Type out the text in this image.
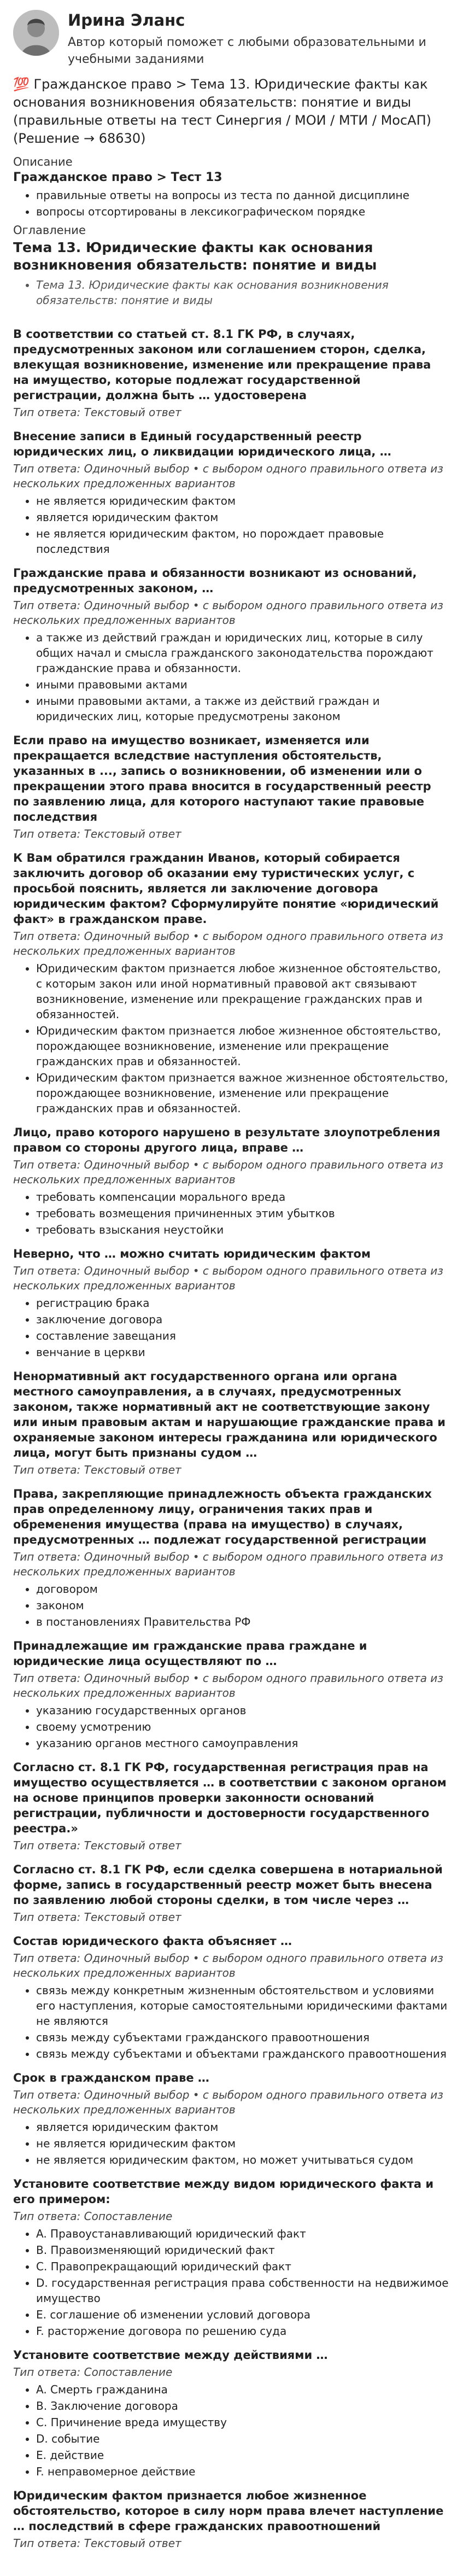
Ирина Эланс
Автор который поможет с любыми образовательными и учебными заданиями
💯 Гражданское право > Тема 13. Юридические факты как основания возникновения обязательств: понятие и виды (правильные ответы на тест Синергия / МОИ / МТИ / МосАП) (Решение → 68630)
Описание
Гражданское право > Тест 13
• правильные ответы на вопросы из теста по данной дисциплине
• вопросы отсортированы в лексикографическом порядке
Оглавление
Тема 13. Юридические факты как основания возникновения обязательств: понятие и виды
• Тема 13. Юридические факты как основания возникновения обязательств: понятие и виды
В соответствии со статьей ст. 8.1 ГК РФ, в случаях, предусмотренных законом или соглашением сторон, сделка, влекущая возникновение, изменение или прекращение права на имущество, которые подлежат государственной регистрации, должна быть … удостоверена
Тип ответа: Текстовый ответ
Внесение записи в Единый государственный реестр юридических лиц, о ликвидации юридического лица, …
Тип ответа: Одиночный выбор • с выбором одного правильного ответа из нескольких предложенных вариантов
• не является юридическим фактом
• является юридическим фактом
• не является юридическим фактом, но порождает правовые последствия
Гражданские права и обязанности возникают из оснований, предусмотренных законом, …
Тип ответа: Одиночный выбор • с выбором одного правильного ответа из нескольких предложенных вариантов
• а также из действий граждан и юридических лиц, которые в силу общих начал и смысла гражданского законодательства порождают гражданские права и обязанности.
• иными правовыми актами
• иными правовыми актами, а также из действий граждан и юридических лиц, которые предусмотрены законом
Если право на имущество возникает, изменяется или прекращается вследствие наступления обстоятельств, указанных в ..., запись о возникновении, об изменении или о прекращении этого права вносится в государственный реестр по заявлению лица, для которого наступают такие правовые последствия
Тип ответа: Текстовый ответ
К Вам обратился гражданин Иванов, который собирается заключить договор об оказании ему туристических услуг, с просьбой пояснить, является ли заключение договора юридическим фактом? Сформулируйте понятие «юридический факт» в гражданском праве.
Тип ответа: Одиночный выбор • с выбором одного правильного ответа из нескольких предложенных вариантов
• Юридическим фактом признается любое жизненное обстоятельство, с которым закон или иной нормативный правовой акт связывают возникновение, изменение или прекращение гражданских прав и обязанностей.
• Юридическим фактом признается любое жизненное обстоятельство, порождающее возникновение, изменение или прекращение гражданских прав и обязанностей.
• Юридическим фактом признается важное жизненное обстоятельство, порождающее возникновение, изменение или прекращение гражданских прав и обязанностей.
Лицо, право которого нарушено в результате злоупотребления правом со стороны другого лица, вправе …
Тип ответа: Одиночный выбор • с выбором одного правильного ответа из нескольких предложенных вариантов
• требовать компенсации морального вреда
• требовать возмещения причиненных этим убытков
• требовать взыскания неустойки
Неверно, что … можно считать юридическим фактом
Тип ответа: Одиночный выбор • с выбором одного правильного ответа из нескольких предложенных вариантов
• регистрацию брака
• заключение договора
• составление завещания
• венчание в церкви
Ненормативный акт государственного органа или органа местного самоуправления, а в случаях, предусмотренных законом, также нормативный акт не соответствующие закону или иным правовым актам и нарушающие гражданские права и охраняемые законом интересы гражданина или юридического лица, могут быть признаны судом …
Тип ответа: Текстовый ответ
Права, закрепляющие принадлежность объекта гражданских прав определенному лицу, ограничения таких прав и обременения имущества (права на имущество) в случаях, предусмотренных … подлежат государственной регистрации
Тип ответа: Одиночный выбор • с выбором одного правильного ответа из нескольких предложенных вариантов
• договором
• законом
• в постановлениях Правительства РФ
Принадлежащие им гражданские права граждане и юридические лица осуществляют по …
Тип ответа: Одиночный выбор • с выбором одного правильного ответа из нескольких предложенных вариантов
• указанию государственных органов
• своему усмотрению
• указанию органов местного самоуправления
Согласно ст. 8.1 ГК РФ, государственная регистрация прав на имущество осуществляется … в соответствии с законом органом на основе принципов проверки законности оснований регистрации, публичности и достоверности государственного реестра.»
Тип ответа: Текстовый ответ
Согласно ст. 8.1 ГК РФ, если сделка совершена в нотариальной форме, запись в государственный реестр может быть внесена по заявлению любой стороны сделки, в том числе через …
Тип ответа: Текстовый ответ
Состав юридического факта объясняет …
Тип ответа: Одиночный выбор • с выбором одного правильного ответа из нескольких предложенных вариантов
• связь между конкретным жизненным обстоятельством и условиями его наступления, которые самостоятельными юридическими фактами не являются
• связь между субъектами гражданского правоотношения
• связь между субъектами и объектами гражданского правоотношения
Срок в гражданском праве …
Тип ответа: Одиночный выбор • с выбором одного правильного ответа из нескольких предложенных вариантов
• является юридическим фактом
• не является юридическим фактом
• не является юридическим фактом, но может учитываться судом
Установите соответствие между видом юридического факта и его примером:
Тип ответа: Сопоставление
• A. Правоустанавливающий юридический факт
• B. Правоизменяющий юридический факт
• C. Правопрекращающий юридический факт
• D. государственная регистрация права собственности на недвижимое имущество
• E. соглашение об изменении условий договора
• F. расторжение договора по решению суда
Установите соответствие между действиями …
Тип ответа: Сопоставление
• A. Смерть гражданина
• B. Заключение договора
• C. Причинение вреда имуществу
• D. событие
• E. действие
• F. неправомерное действие
Юридическим фактом признается любое жизненное обстоятельство, которое в силу норм права влечет наступление … последствий в сфере гражданских правоотношений
Тип ответа: Текстовый ответ
